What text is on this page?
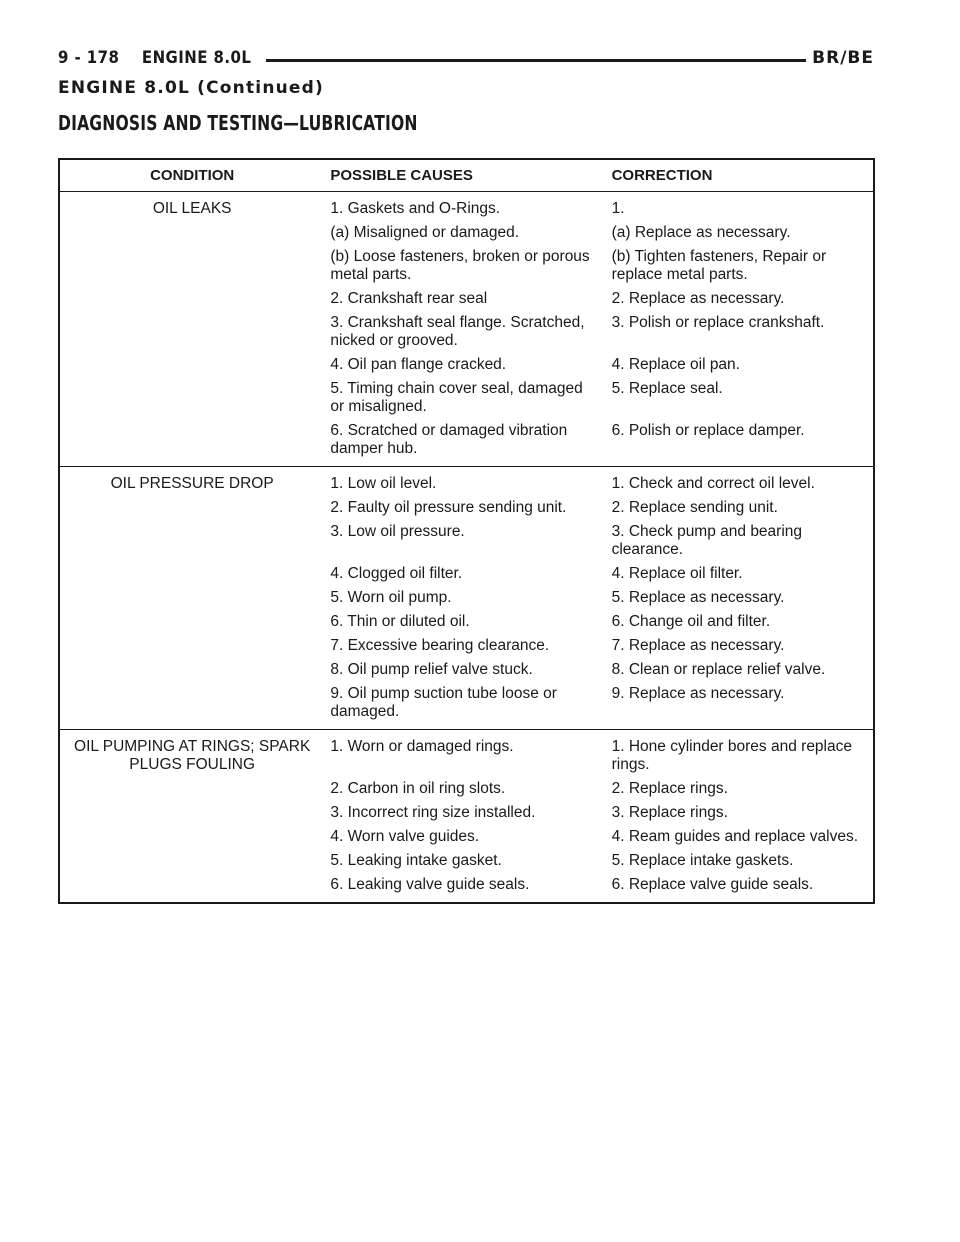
9 - 178    ENGINE 8.0L	BR/BE
ENGINE 8.0L (Continued)
DIAGNOSIS AND TESTING—LUBRICATION
CONDITION	POSSIBLE CAUSES	CORRECTION
OIL LEAKS	1. Gaskets and O-Rings.	1.
	(a) Misaligned or damaged.	(a) Replace as necessary.
	(b) Loose fasteners, broken or porous metal parts.	(b) Tighten fasteners, Repair or replace metal parts.
	2. Crankshaft rear seal	2. Replace as necessary.
	3. Crankshaft seal flange. Scratched, nicked or grooved.	3. Polish or replace crankshaft.
	4. Oil pan flange cracked.	4. Replace oil pan.
	5. Timing chain cover seal, damaged or misaligned.	5. Replace seal.
	6. Scratched or damaged vibration damper hub.	6. Polish or replace damper.
OIL PRESSURE DROP	1. Low oil level.	1. Check and correct oil level.
	2. Faulty oil pressure sending unit.	2. Replace sending unit.
	3. Low oil pressure.	3. Check pump and bearing clearance.
	4. Clogged oil filter.	4. Replace oil filter.
	5. Worn oil pump.	5. Replace as necessary.
	6. Thin or diluted oil.	6. Change oil and filter.
	7. Excessive bearing clearance.	7. Replace as necessary.
	8. Oil pump relief valve stuck.	8. Clean or replace relief valve.
	9. Oil pump suction tube loose or damaged.	9. Replace as necessary.
OIL PUMPING AT RINGS; SPARK PLUGS FOULING	1. Worn or damaged rings.	1. Hone cylinder bores and replace rings.
	2. Carbon in oil ring slots.	2. Replace rings.
	3. Incorrect ring size installed.	3. Replace rings.
	4. Worn valve guides.	4. Ream guides and replace valves.
	5. Leaking intake gasket.	5. Replace intake gaskets.
	6. Leaking valve guide seals.	6. Replace valve guide seals.
